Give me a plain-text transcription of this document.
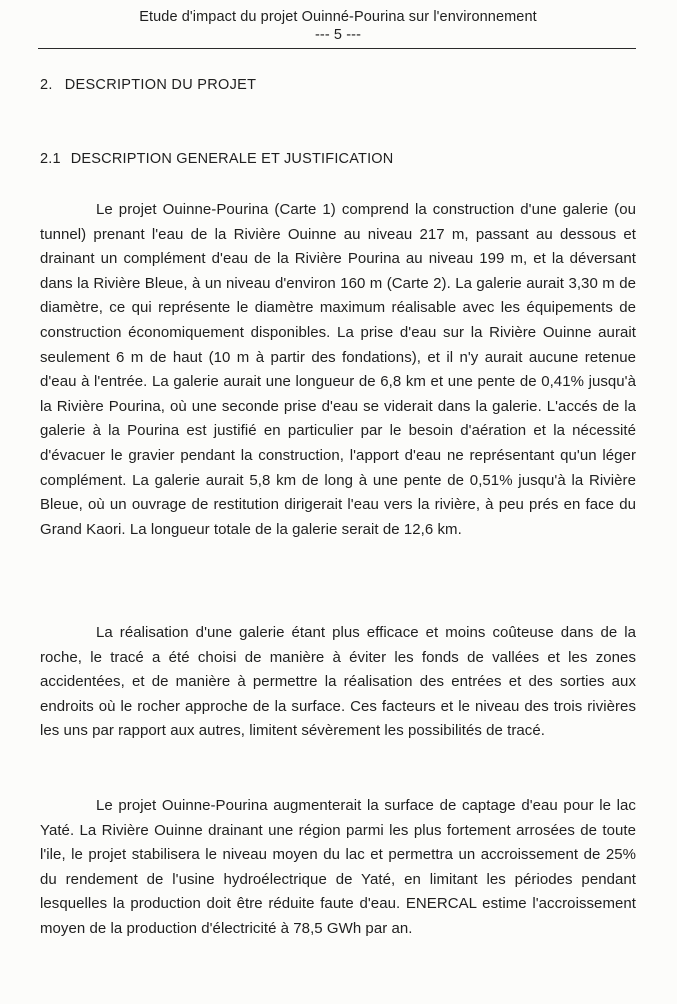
Etude d'impact du projet Ouinné-Pourina sur l'environnement
--- 5 ---
2. DESCRIPTION DU PROJET
2.1 DESCRIPTION GENERALE ET JUSTIFICATION

Le projet Ouinne-Pourina (Carte 1) comprend la construction d'une galerie (ou tunnel) prenant l'eau de la Rivière Ouinne au niveau 217 m, passant au dessous et drainant un complément d'eau de la Rivière Pourina au niveau 199 m, et la déversant dans la Rivière Bleue, à un niveau d'environ 160 m (Carte 2). La galerie aurait 3,30 m de diamètre, ce qui représente le diamètre maximum réalisable avec les équipements de construction économiquement disponibles. La prise d'eau sur la Rivière Ouinne aurait seulement 6 m de haut (10 m à partir des fondations), et il n'y aurait aucune retenue d'eau à l'entrée. La galerie aurait une longueur de 6,8 km et une pente de 0,41% jusqu'à la Rivière Pourina, où une seconde prise d'eau se viderait dans la galerie. L'accés de la galerie à la Pourina est justifié en particulier par le besoin d'aération et la nécessité d'évacuer le gravier pendant la construction, l'apport d'eau ne représentant qu'un léger complément. La galerie aurait 5,8 km de long à une pente de 0,51% jusqu'à la Rivière Bleue, où un ouvrage de restitution dirigerait l'eau vers la rivière, à peu prés en face du Grand Kaori. La longueur totale de la galerie serait de 12,6 km.

La réalisation d'une galerie étant plus efficace et moins coûteuse dans de la roche, le tracé a été choisi de manière à éviter les fonds de vallées et les zones accidentées, et de manière à permettre la réalisation des entrées et des sorties aux endroits où le rocher approche de la surface. Ces facteurs et le niveau des trois rivières les uns par rapport aux autres, limitent sévèrement les possibilités de tracé.

Le projet Ouinne-Pourina augmenterait la surface de captage d'eau pour le lac Yaté. La Rivière Ouinne drainant une région parmi les plus fortement arrosées de toute l'ile, le projet stabilisera le niveau moyen du lac et permettra un accroissement de 25% du rendement de l'usine hydroélectrique de Yaté, en limitant les périodes pendant lesquelles la production doit être réduite faute d'eau. ENERCAL estime l'accroissement moyen de la production d'électricité à 78,5 GWh par an.
